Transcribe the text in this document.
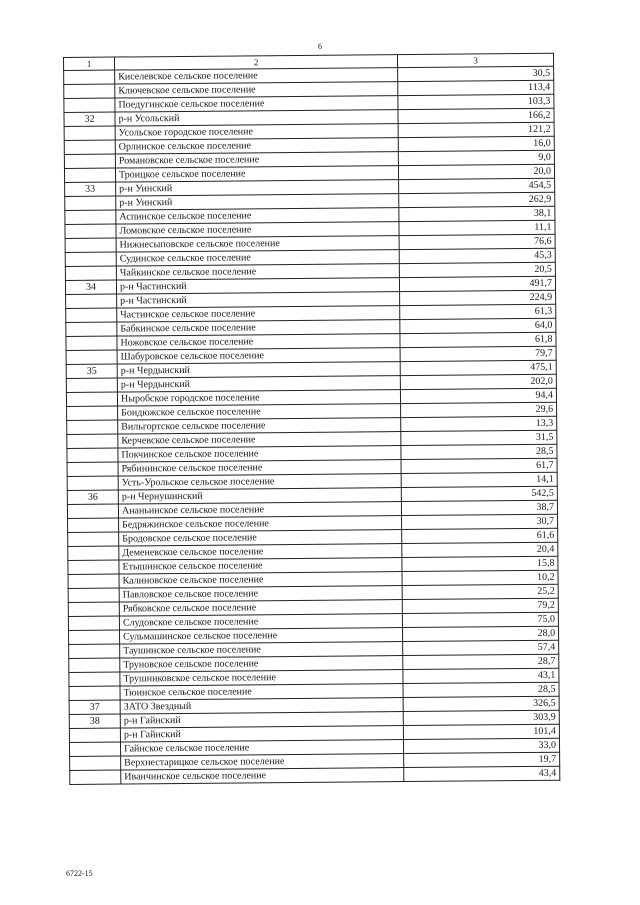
6
1	2	3
	Киселевское сельское поселение	30,5
	Ключевское сельское поселение	113,4
	Поедугинское сельское поселение	103,3
32	р-н Усольский	166,2
	Усольское городское поселение	121,2
	Орлинское сельское поселение	16,0
	Романовское сельское поселение	9,0
	Троицкое сельское поселение	20,0
33	р-н Уинский	454,5
	р-н Уинский	262,9
	Аспинское сельское поселение	38,1
	Ломовское сельское поселение	11,1
	Нижнесыповское сельское поселение	76,6
	Судинское сельское поселение	45,3
	Чайкинское сельское поселение	20,5
34	р-н Частинский	491,7
	р-н Частинский	224,9
	Частинское сельское поселение	61,3
	Бабкинское сельское поселение	64,0
	Ножовское сельское поселение	61,8
	Шабуровское сельское поселение	79,7
35	р-н Чердынский	475,1
	р-н Чердынский	202,0
	Ныробское городское поселение	94,4
	Бондюжское сельское поселение	29,6
	Вильгортское сельское поселение	13,3
	Керчевское сельское поселение	31,5
	Покчинское сельское поселение	28,5
	Рябининское сельское поселение	61,7
	Усть-Урольское сельское поселение	14,1
36	р-н Чернушинский	542,5
	Ананьинское сельское поселение	38,7
	Бедряжинское сельское поселение	30,7
	Бродовское сельское поселение	61,6
	Деменевское сельское поселение	20,4
	Етышинское сельское поселение	15,8
	Калиновское сельское поселение	10,2
	Павловское сельское поселение	25,2
	Рябковское сельское поселение	79,2
	Слудовское сельское поселение	75,0
	Сульмашинское сельское поселение	28,0
	Таушинское сельское поселение	57,4
	Труновское сельское поселение	28,7
	Трушниковское сельское поселение	43,1
	Тюинское сельское поселение	28,5
37	ЗАТО Звездный	326,5
38	р-н Гайнский	303,9
	р-н Гайнский	101,4
	Гайнское сельское поселение	33,0
	Верхнестарицкое сельское поселение	19,7
	Иванчинское сельское поселение	43,4
6722-15
